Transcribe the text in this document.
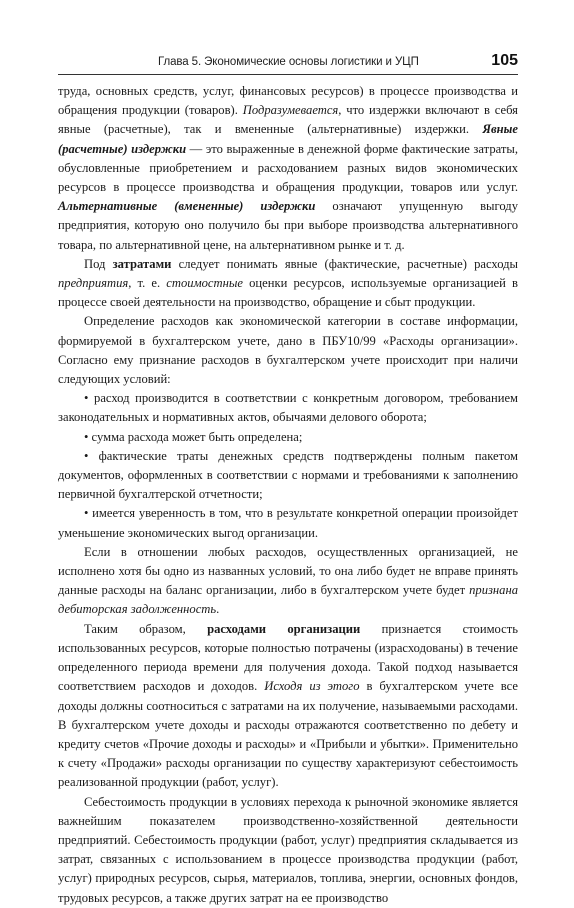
Глава 5. Экономические основы логистики и УЦП	105

труда, основных средств, услуг, финансовых ресурсов) в процессе производства и обращения продукции (товаров). Подразумевается, что издержки включают в себя явные (расчетные), так и вмененные (альтернативные) издержки. Явные (расчетные) издержки — это выраженные в денежной форме фактические затраты, обусловленные приобретением и расходованием разных видов экономических ресурсов в процессе производства и обращения продукции, товаров или услуг. Альтернативные (вмененные) издержки означают упущенную выгоду предприятия, которую оно получило бы при выборе производства альтернативного товара, по альтернативной цене, на альтернативном рынке и т. д.

Под затратами следует понимать явные (фактические, расчетные) расходы предприятия, т. е. стоимостные оценки ресурсов, используемые организацией в процессе своей деятельности на производство, обращение и сбыт продукции.

Определение расходов как экономической категории в составе информации, формируемой в бухгалтерском учете, дано в ПБУ10/99 «Расходы организации». Согласно ему признание расходов в бухгалтерском учете происходит при наличи следующих условий:

• расход производится в соответствии с конкретным договором, требованием законодательных и нормативных актов, обычаями делового оборота;

• сумма расхода может быть определена;

• фактические траты денежных средств подтверждены полным пакетом документов, оформленных в соответствии с нормами и требованиями к заполнению первичной бухгалтерской отчетности;

• имеется уверенность в том, что в результате конкретной операции произойдет уменьшение экономических выгод организации.

Если в отношении любых расходов, осуществленных организацией, не исполнено хотя бы одно из названных условий, то она либо будет не вправе принять данные расходы на баланс организации, либо в бухгалтерском учете будет признана дебиторская задолженность.

Таким образом, расходами организации признается стоимость использованных ресурсов, которые полностью потрачены (израсходованы) в течение определенного периода времени для получения дохода. Такой подход называется соответствием расходов и доходов. Исходя из этого в бухгалтерском учете все доходы должны соотноситься с затратами на их получение, называемыми расходами. В бухгалтерском учете доходы и расходы отражаются соответственно по дебету и кредиту счетов «Прочие доходы и расходы» и «Прибыли и убытки». Применительно к счету «Продажи» расходы организации по существу характеризуют себестоимость реализованной продукции (работ, услуг).

Себестоимость продукции в условиях перехода к рыночной экономике является важнейшим показателем производственно-хозяйственной деятельности предприятий. Себестоимость продукции (работ, услуг) предприятия складывается из затрат, связанных с использованием в процессе производства продукции (работ, услуг) природных ресурсов, сырья, материалов, топлива, энергии, основных фондов, трудовых ресурсов, а также других затрат на ее производство
